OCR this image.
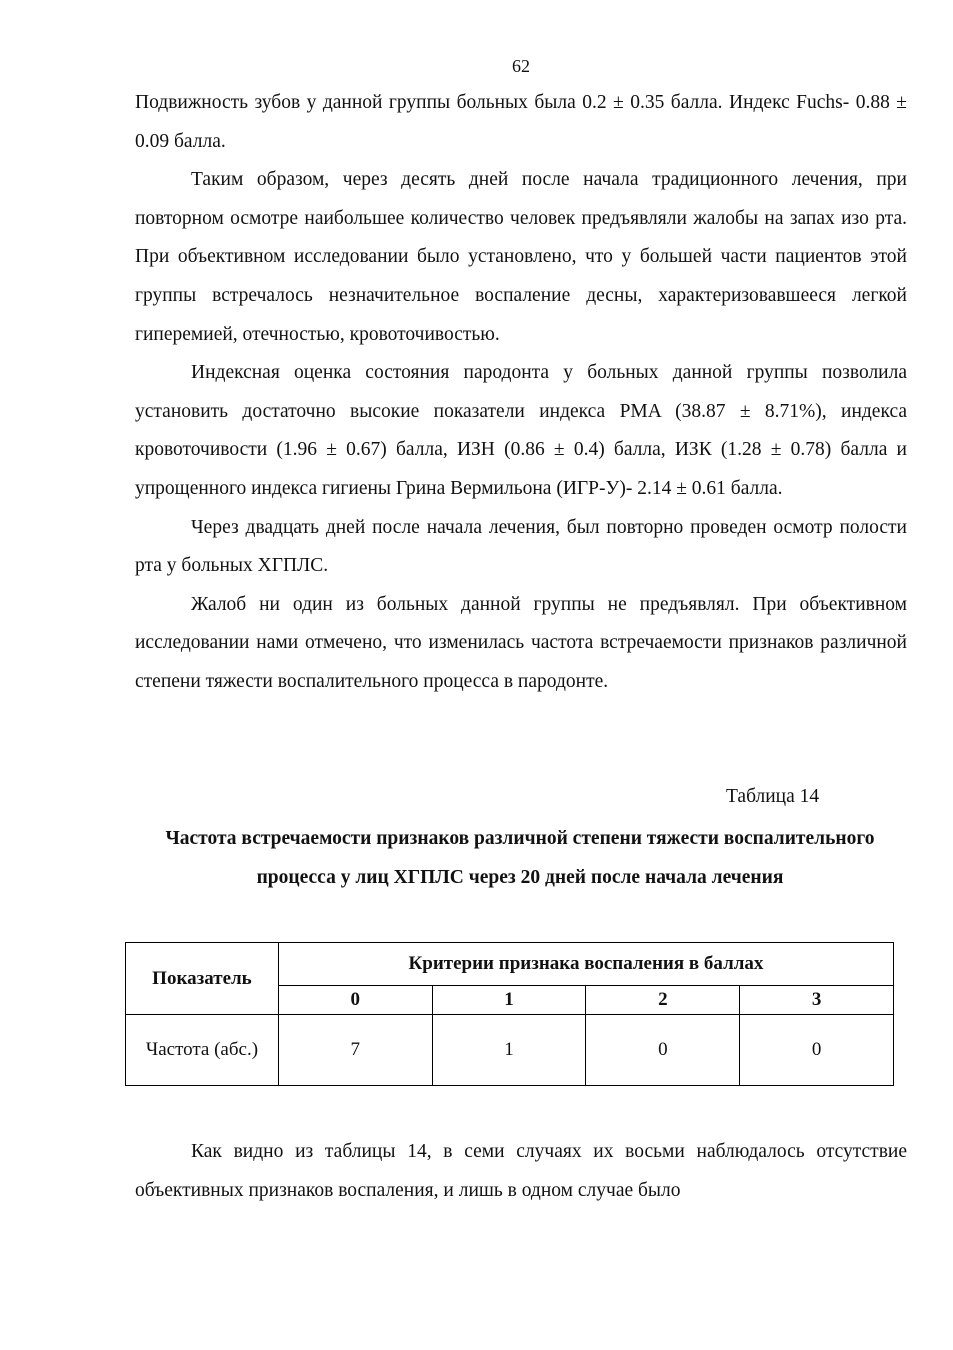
62

Подвижность зубов у данной группы больных была 0.2 ± 0.35 балла. Индекс Fuchs- 0.88 ± 0.09 балла.

Таким образом, через десять дней после начала традиционного лечения, при повторном осмотре наибольшее количество человек предъявляли жалобы на запах изо рта. При объективном исследовании было установлено, что у большей части пациентов этой группы встречалось незначительное воспаление десны, характеризовавшееся легкой гиперемией, отечностью, кровоточивостью.

Индексная оценка состояния пародонта у больных данной группы позволила установить достаточно высокие показатели индекса PMA (38.87 ± 8.71%), индекса кровоточивости (1.96 ± 0.67) балла, ИЗН (0.86 ± 0.4) балла, ИЗК (1.28 ± 0.78) балла и упрощенного индекса гигиены Грина Вермильона (ИГР-У)- 2.14 ± 0.61 балла.

Через двадцать дней после начала лечения, был повторно проведен осмотр полости рта у больных ХГПЛС.

Жалоб ни один из больных данной группы не предъявлял. При объективном исследовании нами отмечено, что изменилась частота встречаемости признаков различной степени тяжести воспалительного процесса в пародонте.

Таблица 14
Частота встречаемости признаков различной степени тяжести воспалительного процесса у лиц ХГПЛС через 20 дней после начала лечения
Показатель	Критерии признака воспаления в баллах			
	0	1	2	3
Частота (абс.)	7	1	0	0

Как видно из таблицы 14, в семи случаях их восьми наблюдалось отсутствие объективных признаков воспаления, и лишь в одном случае было
